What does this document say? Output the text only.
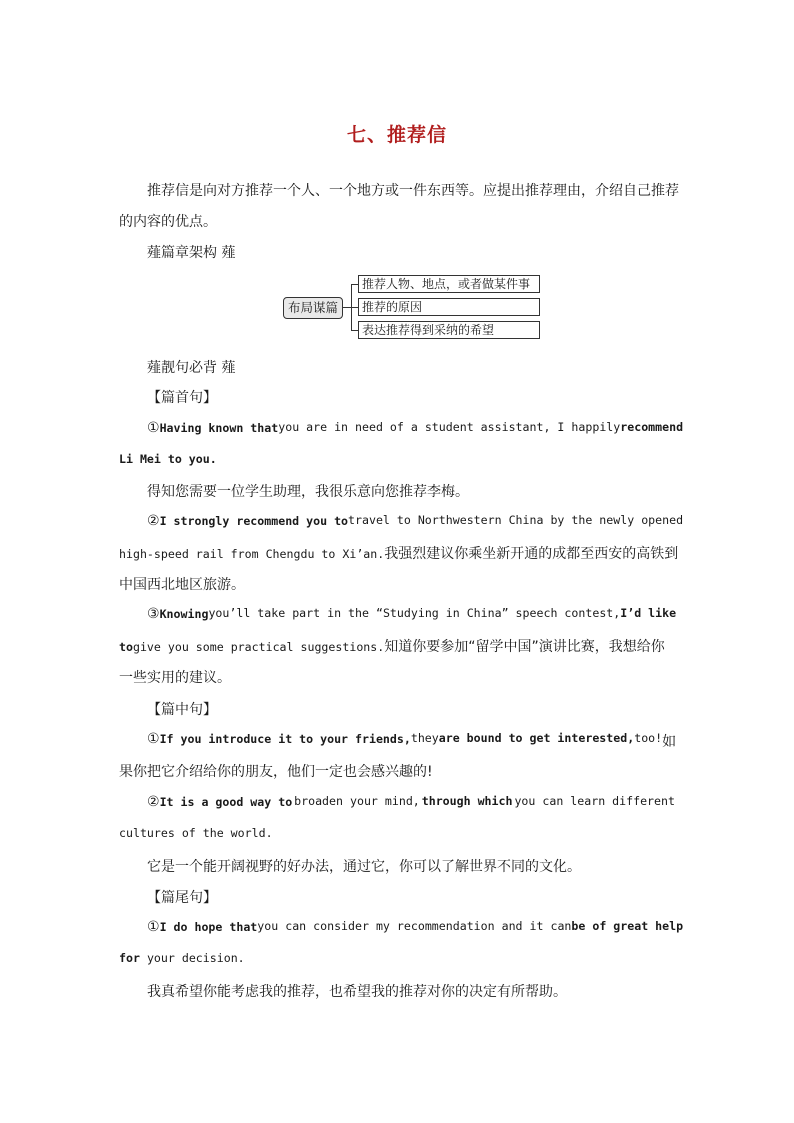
七、推荐信
推荐信是向对方推荐一个人、一个地方或一件东西等。应提出推荐理由，介绍自己推荐
的内容的优点。
薤篇章架构 薤
布局谋篇
推荐人物、地点，或者做某件事
推荐的原因
表达推荐得到采纳的希望
薤靓句必背 薤
【篇首句】
①Having known that you are in need of a student assistant, I happily recommend
Li Mei to you.
得知您需要一位学生助理，我很乐意向您推荐李梅。
②I strongly recommend you to travel to Northwestern China by the newly opened
high-speed rail from Chengdu to Xi’an.我强烈建议你乘坐新开通的成都至西安的高铁到
中国西北地区旅游。
③Knowing you’ll take part in the “Studying in China” speech contest, I’d like
togive you some practical suggestions.知道你要参加“留学中国”演讲比赛，我想给你
一些实用的建议。
【篇中句】
①If you introduce it to your friends, they are bound to get interested, too! 如
果你把它介绍给你的朋友，他们一定也会感兴趣的!
②It is a good way to broaden your mind, through which you can learn different
cultures of the world.
它是一个能开阔视野的好办法，通过它，你可以了解世界不同的文化。
【篇尾句】
①I do hope that you can consider my recommendation and it can be of great help
for your decision.
我真希望你能考虑我的推荐，也希望我的推荐对你的决定有所帮助。
